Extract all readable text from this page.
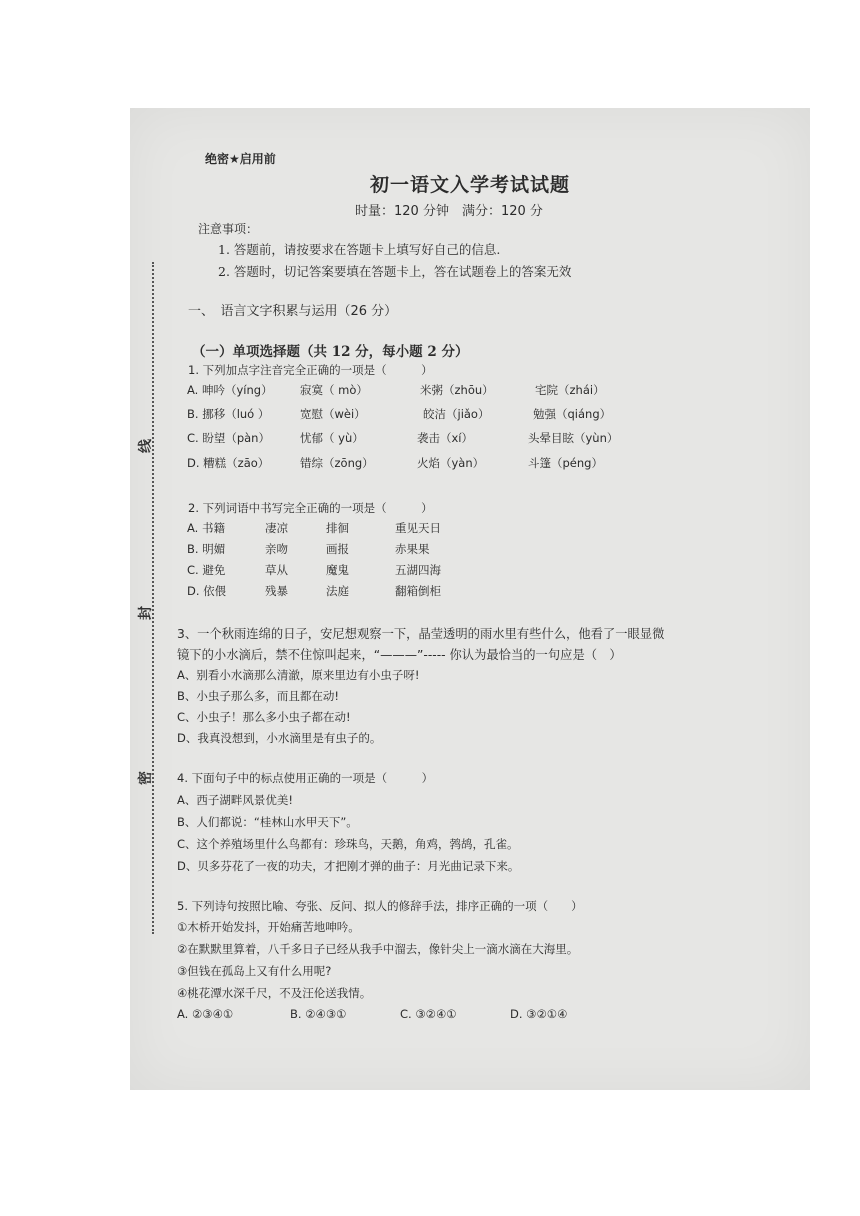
绝密★启用前
初一语文入学考试试题
时量：120 分钟　满分：120 分
注意事项：
1. 答题前，请按要求在答题卡上填写好自己的信息.
2. 答题时，切记答案要填在答题卡上，答在试题卷上的答案无效
一、　语言文字积累与运用（26 分）
（一）单项选择题（共 12 分，每小题 2 分）
1. 下列加点字注音完全正确的一项是（　　　）
A. 呻吟（yíng） 寂寞（ mò）	米粥（zhōu）	宅院（zhái）
B. 挪移（luó ）	宽慰（wèi）	皎洁（jiǎo）	勉强（qiáng）
C. 盼望（pàn）	忧郁（ yù）	袭击（xí）	头晕目眩（yùn）
D. 糟糕（zāo）	错综（zōng）	火焰（yàn）	斗篷（péng）
2. 下列词语中书写完全正确的一项是（　　　）
A. 书籍	凄凉	排徊	重见天日
B. 明媚	亲吻	画报	赤果果
C. 避免	草从	魔鬼	五湖四海
D. 依偎	残暴	法庭	翻箱倒柜
3、一个秋雨连绵的日子，安尼想观察一下，晶莹透明的雨水里有些什么，他看了一眼显微
镜下的小水滴后，禁不住惊叫起来，“———”----- 你认为最恰当的一句应是（　）
A、别看小水滴那么清澈，原来里边有小虫子呀!
B、小虫子那么多，而且都在动!
C、小虫子！那么多小虫子都在动!
D、我真没想到，小水滴里是有虫子的。
4. 下面句子中的标点使用正确的一项是（　　　）
A、西子湖畔风景优美!
B、人们都说：“桂林山水甲天下”。
C、这个养殖场里什么鸟都有：珍珠鸟，天鹅，角鸡，鹁鸪，孔雀。
D、贝多芬花了一夜的功夫，才把刚才弹的曲子：月光曲记录下来。
5. 下列诗句按照比喻、夸张、反问、拟人的修辞手法，排序正确的一项（　　）
①木桥开始发抖，开始痛苦地呻吟。
②在默默里算着，八千多日子已经从我手中溜去，像针尖上一滴水滴在大海里。
③但钱在孤岛上又有什么用呢?
④桃花潭水深千尺，不及汪伦送我情。
A. ②③④①	B. ②④③①	C. ③②④①	D. ③②①④
线
封
密
